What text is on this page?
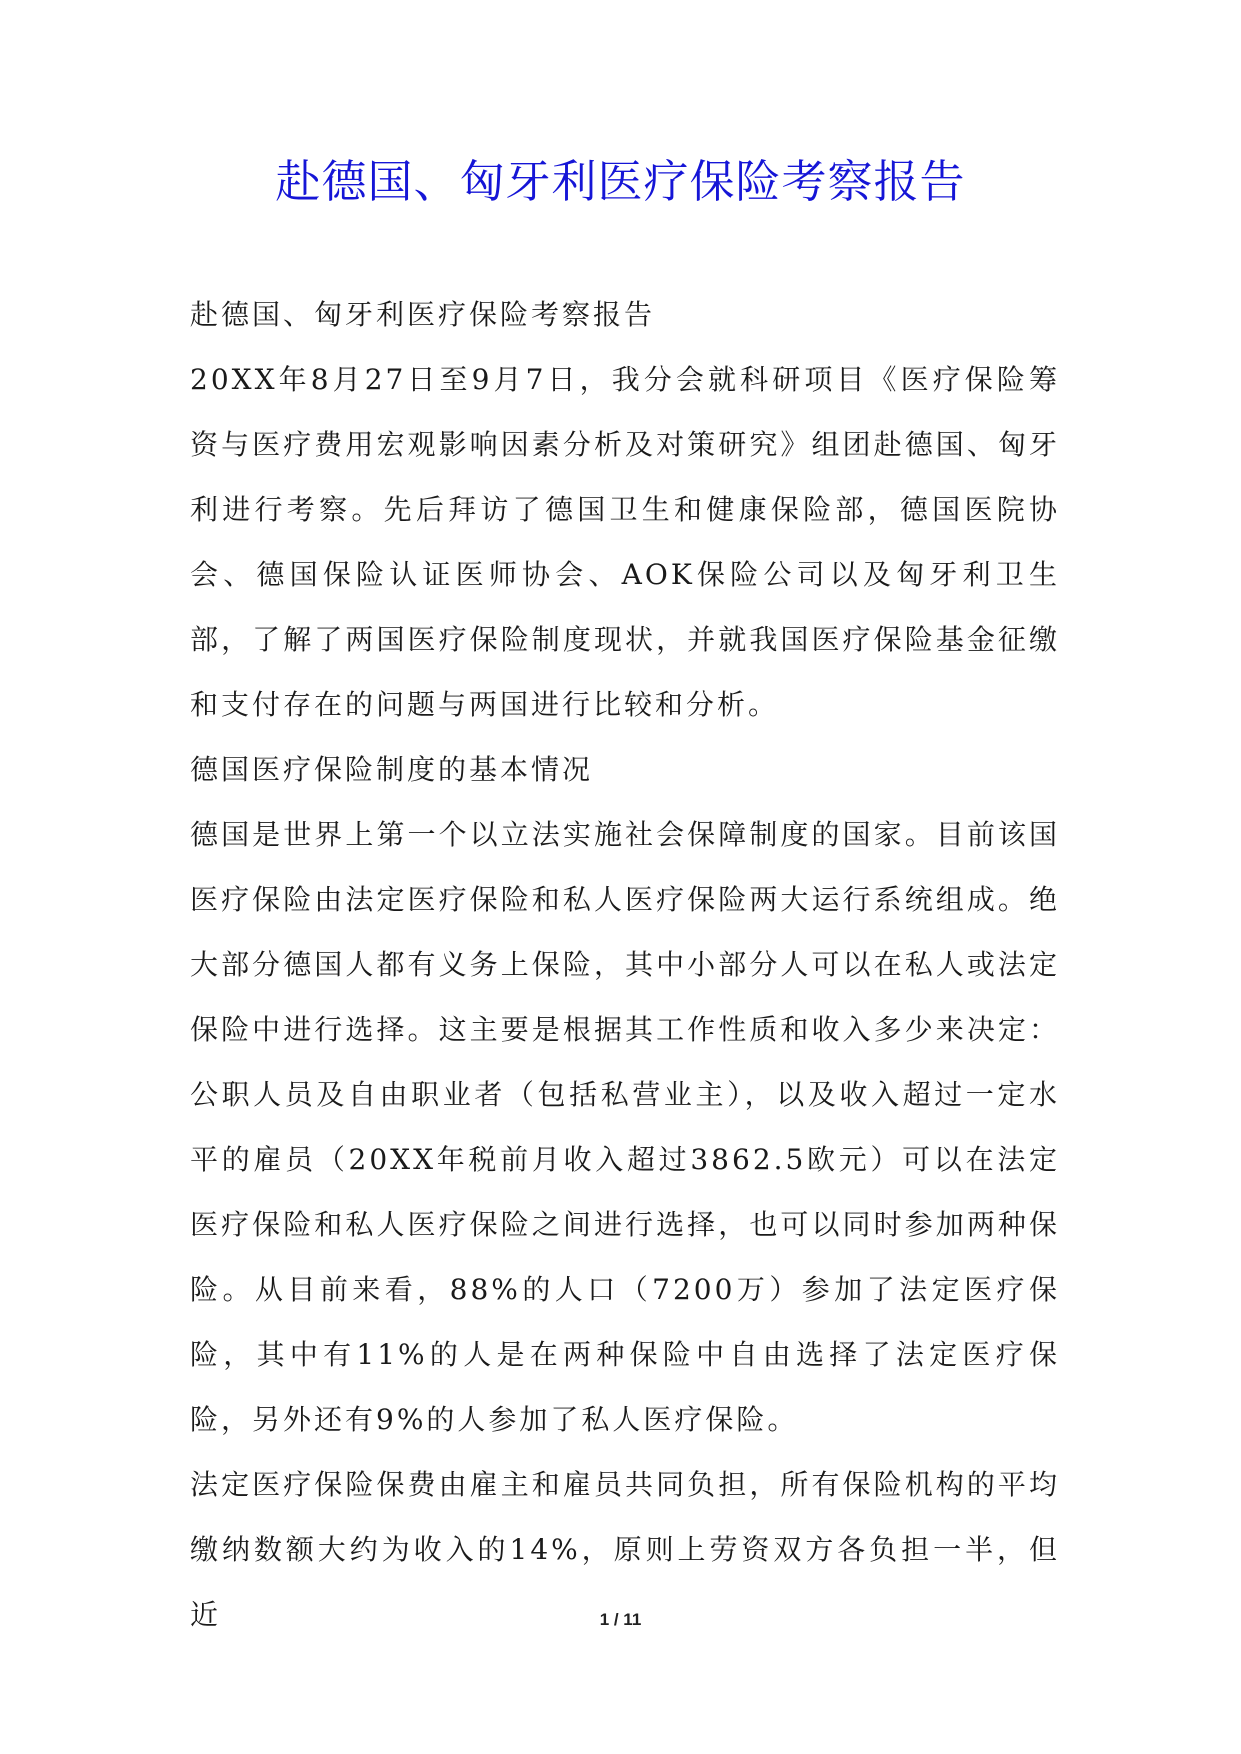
赴德国、匈牙利医疗保险考察报告

赴德国、匈牙利医疗保险考察报告

20XX年8月27日至9月7日，我分会就科研项目《医疗保险筹资与医疗费用宏观影响因素分析及对策研究》组团赴德国、匈牙利进行考察。先后拜访了德国卫生和健康保险部，德国医院协会、德国保险认证医师协会、AOK保险公司以及匈牙利卫生部，了解了两国医疗保险制度现状，并就我国医疗保险基金征缴和支付存在的问题与两国进行比较和分析。

德国医疗保险制度的基本情况

德国是世界上第一个以立法实施社会保障制度的国家。目前该国医疗保险由法定医疗保险和私人医疗保险两大运行系统组成。绝大部分德国人都有义务上保险，其中小部分人可以在私人或法定保险中进行选择。这主要是根据其工作性质和收入多少来决定：公职人员及自由职业者（包括私营业主），以及收入超过一定水平的雇员（20XX年税前月收入超过3862.5欧元）可以在法定医疗保险和私人医疗保险之间进行选择，也可以同时参加两种保险。从目前来看，88%的人口（7200万）参加了法定医疗保险，其中有11%的人是在两种保险中自由选择了法定医疗保险，另外还有9%的人参加了私人医疗保险。

法定医疗保险保费由雇主和雇员共同负担，所有保险机构的平均缴纳数额大约为收入的14%，原则上劳资双方各负担一半，但近	1 / 11
